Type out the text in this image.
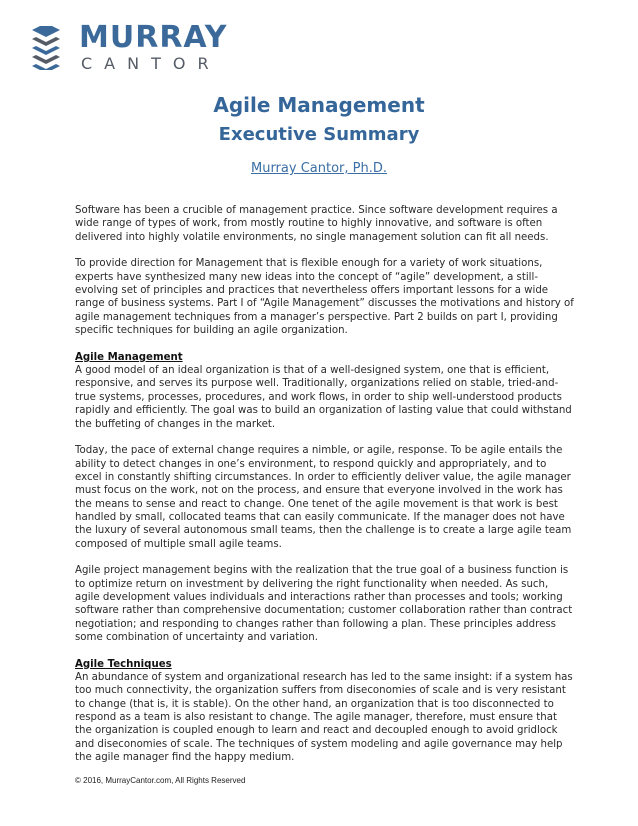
MURRAY
CANTOR
Agile Management
Executive Summary
Murray Cantor, Ph.D.

Software has been a crucible of management practice. Since software development requires a wide range of types of work, from mostly routine to highly innovative, and software is often delivered into highly volatile environments, no single management solution can fit all needs.

To provide direction for Management that is flexible enough for a variety of work situations, experts have synthesized many new ideas into the concept of “agile” development, a still-evolving set of principles and practices that nevertheless offers important lessons for a wide range of business systems. Part I of “Agile Management” discusses the motivations and history of agile management techniques from a manager’s perspective. Part 2 builds on part I, providing specific techniques for building an agile organization.

Agile Management

A good model of an ideal organization is that of a well-designed system, one that is efficient, responsive, and serves its purpose well. Traditionally, organizations relied on stable, tried-and-true systems, processes, procedures, and work flows, in order to ship well-understood products rapidly and efficiently. The goal was to build an organization of lasting value that could withstand the buffeting of changes in the market.

Today, the pace of external change requires a nimble, or agile, response. To be agile entails the ability to detect changes in one’s environment, to respond quickly and appropriately, and to excel in constantly shifting circumstances. In order to efficiently deliver value, the agile manager must focus on the work, not on the process, and ensure that everyone involved in the work has the means to sense and react to change. One tenet of the agile movement is that work is best handled by small, collocated teams that can easily communicate. If the manager does not have the luxury of several autonomous small teams, then the challenge is to create a large agile team composed of multiple small agile teams.

Agile project management begins with the realization that the true goal of a business function is to optimize return on investment by delivering the right functionality when needed. As such, agile development values individuals and interactions rather than processes and tools; working software rather than comprehensive documentation; customer collaboration rather than contract negotiation; and responding to changes rather than following a plan. These principles address some combination of uncertainty and variation.

Agile Techniques

An abundance of system and organizational research has led to the same insight: if a system has too much connectivity, the organization suffers from diseconomies of scale and is very resistant to change (that is, it is stable). On the other hand, an organization that is too disconnected to respond as a team is also resistant to change. The agile manager, therefore, must ensure that the organization is coupled enough to learn and react and decoupled enough to avoid gridlock and diseconomies of scale. The techniques of system modeling and agile governance may help the agile manager find the happy medium.

© 2016, MurrayCantor.com, All Rights Reserved
